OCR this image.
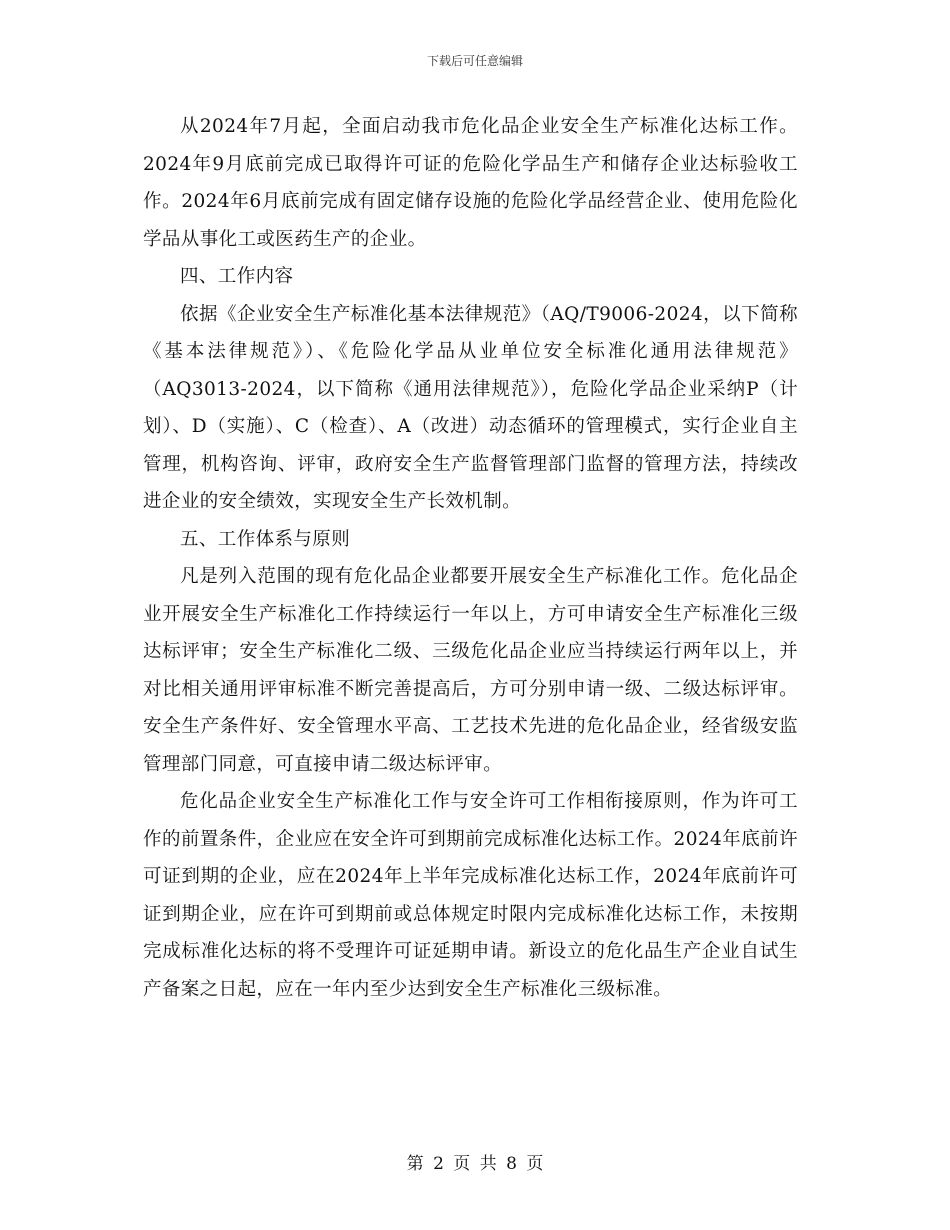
下载后可任意编辑

从2024年7月起，全面启动我市危化品企业安全生产标准化达标工作。2024年9月底前完成已取得许可证的危险化学品生产和储存企业达标验收工作。2024年6月底前完成有固定储存设施的危险化学品经营企业、使用危险化学品从事化工或医药生产的企业。

四、工作内容

依据《企业安全生产标准化基本法律规范》（AQ/T9006-2024，以下简称《基本法律规范》）、《危险化学品从业单位安全标准化通用法律规范》（AQ3013-2024，以下简称《通用法律规范》），危险化学品企业采纳P（计划）、D（实施）、C（检查）、A（改进）动态循环的管理模式，实行企业自主管理，机构咨询、评审，政府安全生产监督管理部门监督的管理方法，持续改进企业的安全绩效，实现安全生产长效机制。

五、工作体系与原则

凡是列入范围的现有危化品企业都要开展安全生产标准化工作。危化品企业开展安全生产标准化工作持续运行一年以上，方可申请安全生产标准化三级达标评审；安全生产标准化二级、三级危化品企业应当持续运行两年以上，并对比相关通用评审标准不断完善提高后，方可分别申请一级、二级达标评审。安全生产条件好、安全管理水平高、工艺技术先进的危化品企业，经省级安监管理部门同意，可直接申请二级达标评审。

危化品企业安全生产标准化工作与安全许可工作相衔接原则，作为许可工作的前置条件，企业应在安全许可到期前完成标准化达标工作。2024年底前许可证到期的企业，应在2024年上半年完成标准化达标工作，2024年底前许可证到期企业，应在许可到期前或总体规定时限内完成标准化达标工作，未按期完成标准化达标的将不受理许可证延期申请。新设立的危化品生产企业自试生产备案之日起，应在一年内至少达到安全生产标准化三级标准。

第 2 页 共 8 页
